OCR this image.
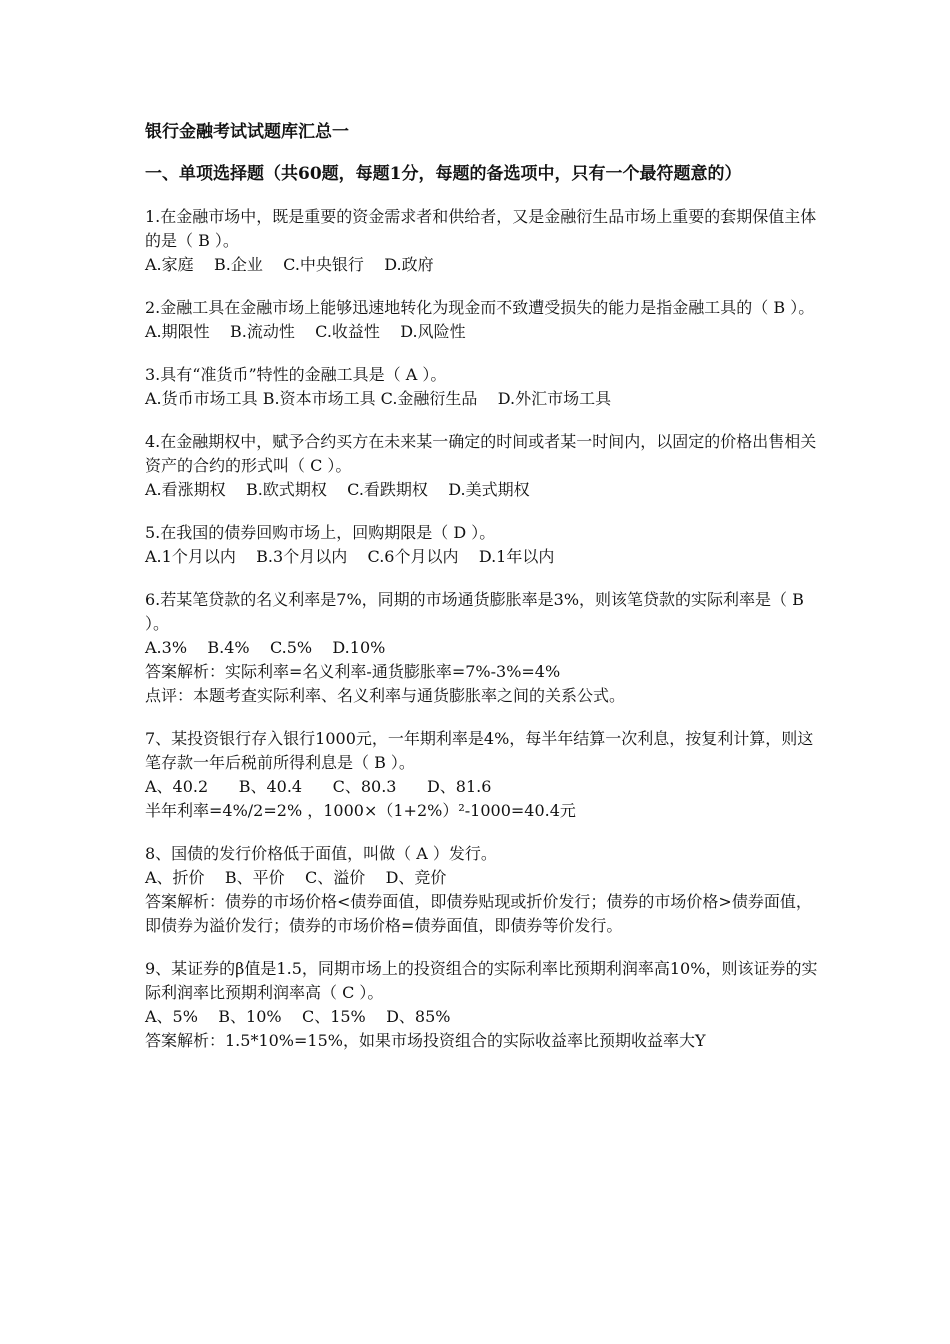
银行金融考试试题库汇总一

一、单项选择题（共60题，每题1分，每题的备选项中，只有一个最符题意的）

1.在金融市场中，既是重要的资金需求者和供给者，又是金融衍生品市场上重要的套期保值主体的是（ B ）。

A.家庭    B.企业    C.中央银行    D.政府

2.金融工具在金融市场上能够迅速地转化为现金而不致遭受损失的能力是指金融工具的（ B ）。

A.期限性    B.流动性    C.收益性    D.风险性

3.具有“准货币”特性的金融工具是（ A ）。

A.货币市场工具 B.资本市场工具 C.金融衍生品    D.外汇市场工具

4.在金融期权中，赋予合约买方在未来某一确定的时间或者某一时间内，以固定的价格出售相关资产的合约的形式叫（ C ）。

A.看涨期权    B.欧式期权    C.看跌期权    D.美式期权

5.在我国的债券回购市场上，回购期限是（ D ）。

A.1个月以内    B.3个月以内    C.6个月以内    D.1年以内

6.若某笔贷款的名义利率是7%，同期的市场通货膨胀率是3%，则该笔贷款的实际利率是（ B ）。

A.3%    B.4%    C.5%    D.10%

答案解析：实际利率=名义利率-通货膨胀率=7%-3%=4%

点评：本题考查实际利率、名义利率与通货膨胀率之间的关系公式。

7、某投资银行存入银行1000元，一年期利率是4%，每半年结算一次利息，按复利计算，则这笔存款一年后税前所得利息是（ B ）。

A、40.2      B、40.4      C、80.3      D、81.6

半年利率=4%/2=2% ，1000×（1+2%）²-1000=40.4元

8、国债的发行价格低于面值，叫做（ A ）发行。

A、折价    B、平价    C、溢价    D、竞价

答案解析：债券的市场价格<债券面值，即债券贴现或折价发行；债券的市场价格>债券面值，即债券为溢价发行；债券的市场价格=债券面值，即债券等价发行。

9、某证券的β值是1.5，同期市场上的投资组合的实际利率比预期利润率高10%，则该证券的实际利润率比预期利润率高（ C ）。

A、5%    B、10%    C、15%    D、85%

答案解析：1.5*10%=15%，如果市场投资组合的实际收益率比预期收益率大Y
